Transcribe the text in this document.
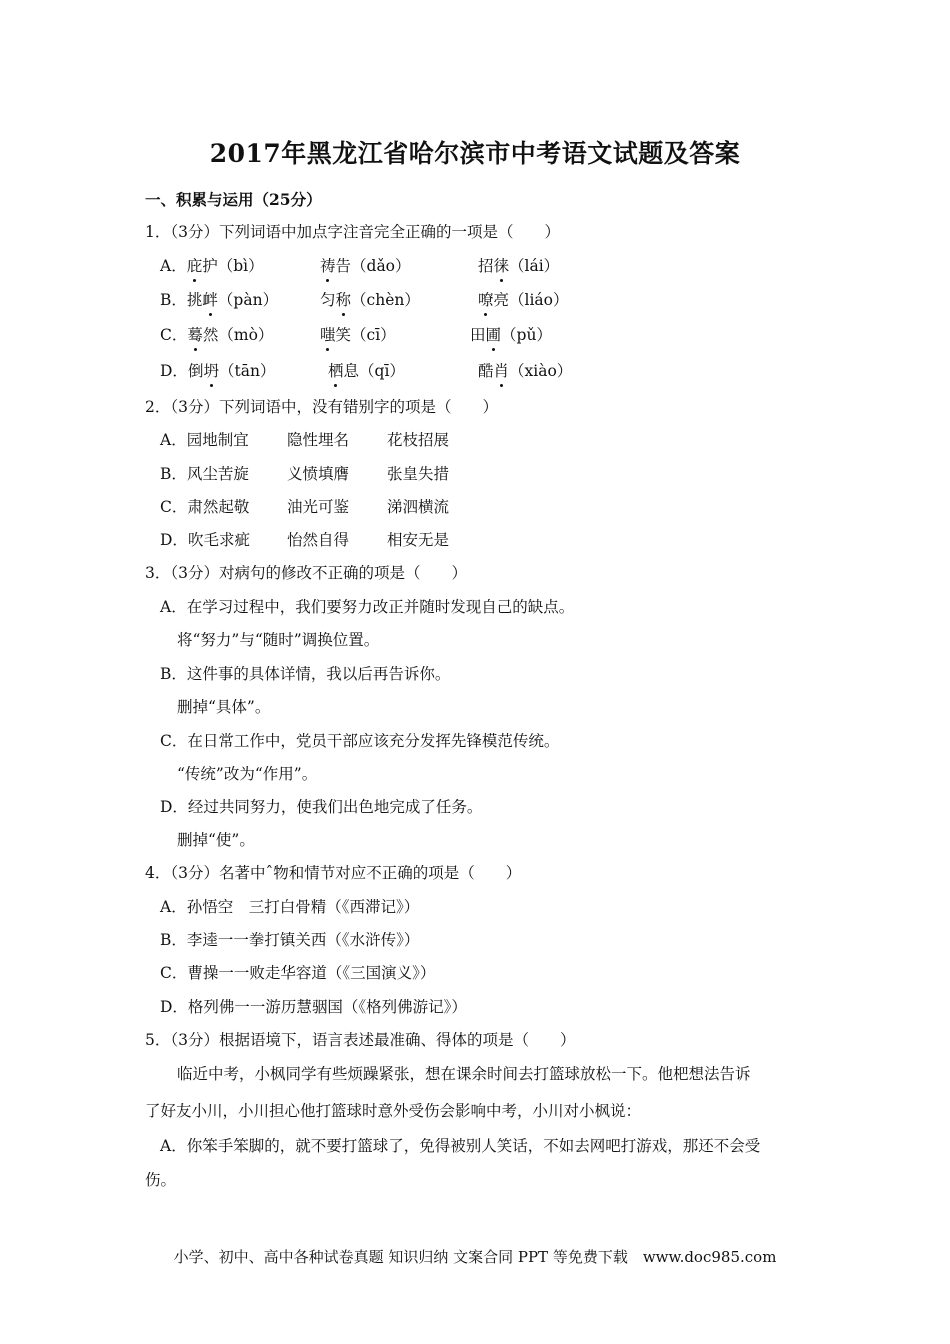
2017年黑龙江省哈尔滨市中考语文试题及答案
一、积累与运用（25分）
1．（3分）下列词语中加点字注音完全正确的一项是（　　）
A．庇护（bì）	祷告（dǎo）	招徕（lái）
B．挑衅（pàn）	匀称（chèn）	嘹亮（liáo）
C．蓦然（mò）	嗤笑（cī）	田圃（pǔ）
D．倒坍（tān）	栖息（qī）	酷肖（xiào）
2．（3分）下列词语中，没有错别字的项是（　　）
A．园地制宜 隐性埋名 花枝招展
B．风尘苦旋 义愤填膺 张皇失措
C．肃然起敬 油光可鉴 涕泗横流
D．吹毛求疵 怡然自得 相安无是
3．（3分）对病句的修改不正确的项是（　　）
A．在学习过程中，我们要努力改正并随时发现自己的缺点。
将“努力”与“随时”调换位置。
B．这件事的具体详情，我以后再告诉你。
删掉“具体”。
C．在日常工作中，党员干部应该充分发挥先锋模范传统。
“传统”改为“作用”。
D．经过共同努力，使我们出色地完成了任务。
删掉“使”。
4．（3分）名著中ˆ物和情节对应不正确的项是（　　）
A．孙悟空　三打白骨精（《西滞记》）
B．李逵一一拳打镇关西（《水浒传》）
C．曹操一一败走华容道（《三国演义》）
D．格列佛一一游历慧骃国（《格列佛游记》）
5．（3分）根据语境下，语言表述最准确、得体的项是（　　）
临近中考，小枫同学有些烦躁紧张，想在课余时间去打篮球放松一下。他杷想法告诉
了好友小川，小川担心他打篮球时意外受伤会影响中考，小川对小枫说：
A．你笨手笨脚的，就不要打篮球了，免得被别人笑话，不如去网吧打游戏，那还不会受
伤。
小学、初中、高中各种试卷真题 知识归纳 文案合同 PPT 等免费下载　www.doc985.com
